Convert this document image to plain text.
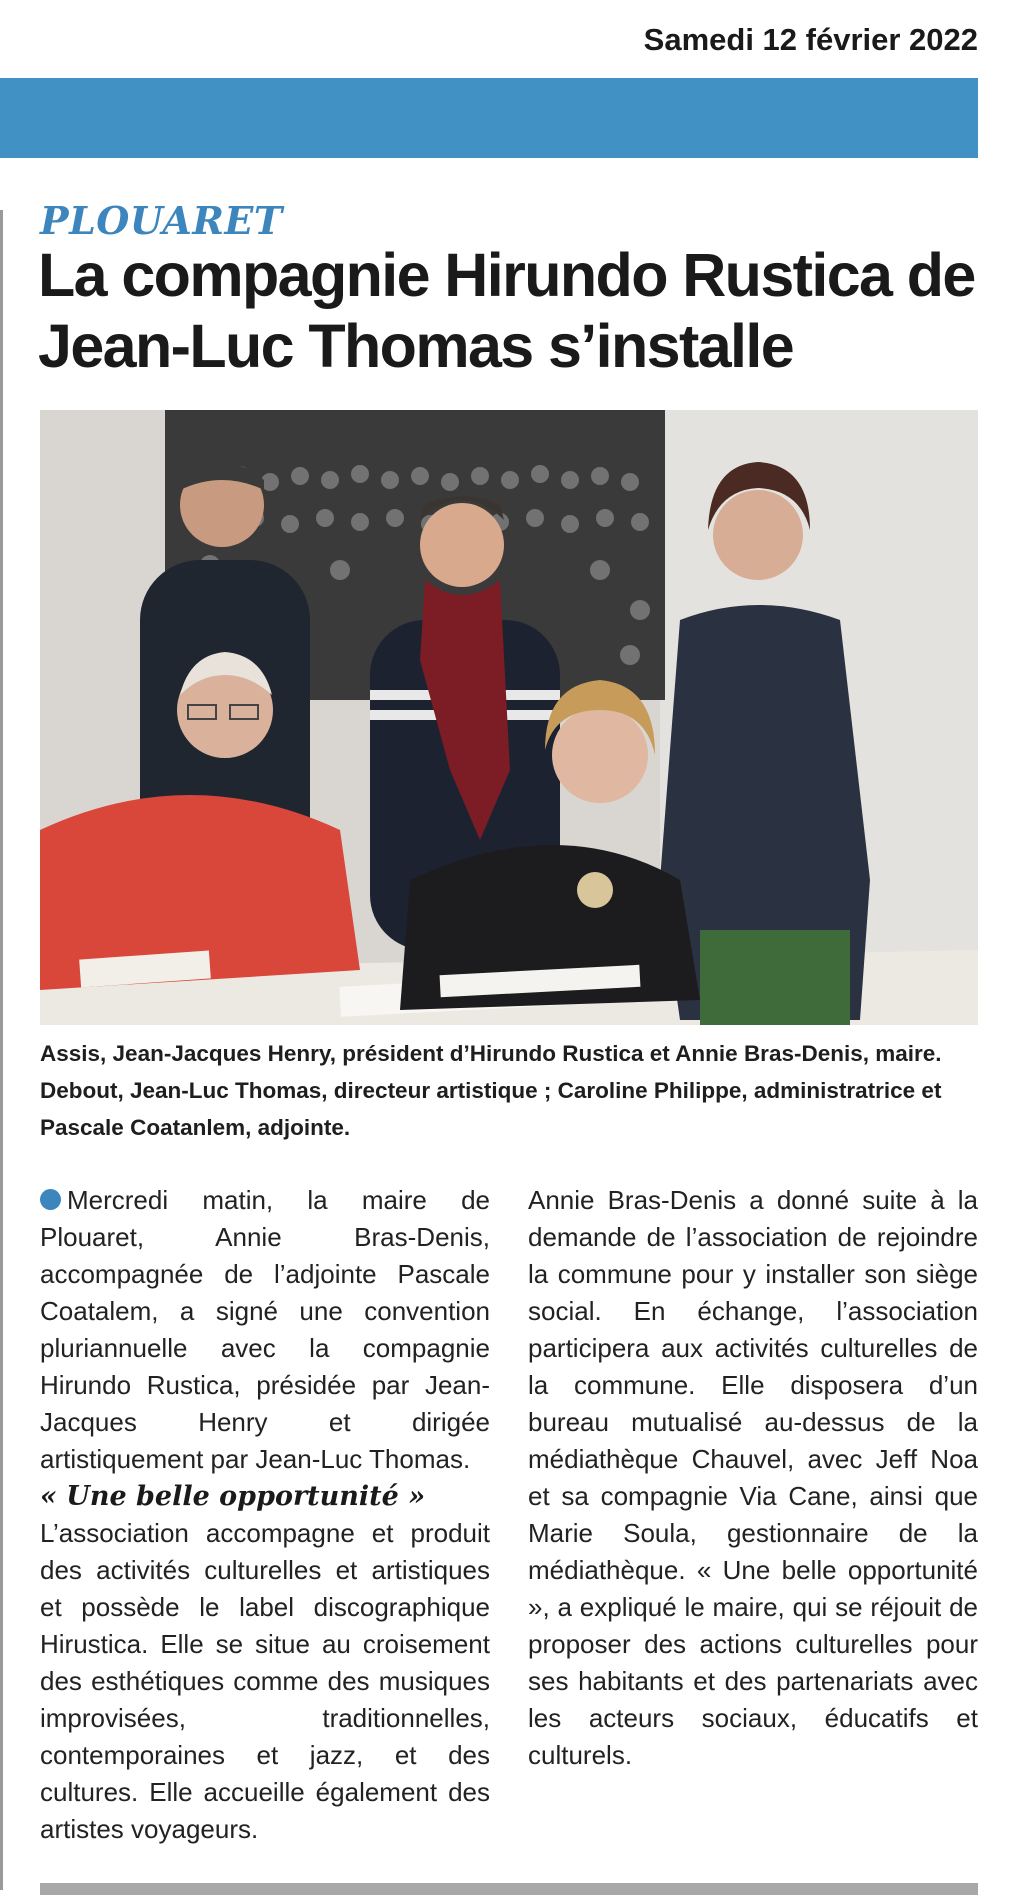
Samedi 12 février 2022
PLOUARET
La compagnie Hirundo Rustica de Jean-Luc Thomas s’installe
Assis, Jean-Jacques Henry, président d’Hirundo Rustica et Annie Bras-Denis, maire. Debout, Jean-Luc Thomas, directeur artistique ; Caroline Philippe, administratrice et Pascale Coatanlem, adjointe.

Mercredi matin, la maire de Plouaret, Annie Bras-Denis, accompagnée de l’adjointe Pascale Coatalem, a signé une convention pluriannuelle avec la compagnie Hirundo Rustica, présidée par Jean-Jacques Henry et dirigée artistiquement par Jean-Luc Thomas.

« Une belle opportunité »

L’association accompagne et produit des activités culturelles et artistiques et possède le label discographique Hirustica. Elle se situe au croisement des esthétiques comme des musiques improvisées, traditionnelles, contemporaines et jazz, et des cultures. Elle accueille également des artistes voyageurs.

Annie Bras-Denis a donné suite à la demande de l’association de rejoindre la commune pour y installer son siège social. En échange, l’association participera aux activités culturelles de la commune. Elle disposera d’un bureau mutualisé au-dessus de la médiathèque Chauvel, avec Jeff Noa et sa compagnie Via Cane, ainsi que Marie Soula, gestionnaire de la médiathèque. « Une belle opportunité », a expliqué le maire, qui se réjouit de proposer des actions culturelles pour ses habitants et des partenariats avec les acteurs sociaux, éducatifs et culturels.
